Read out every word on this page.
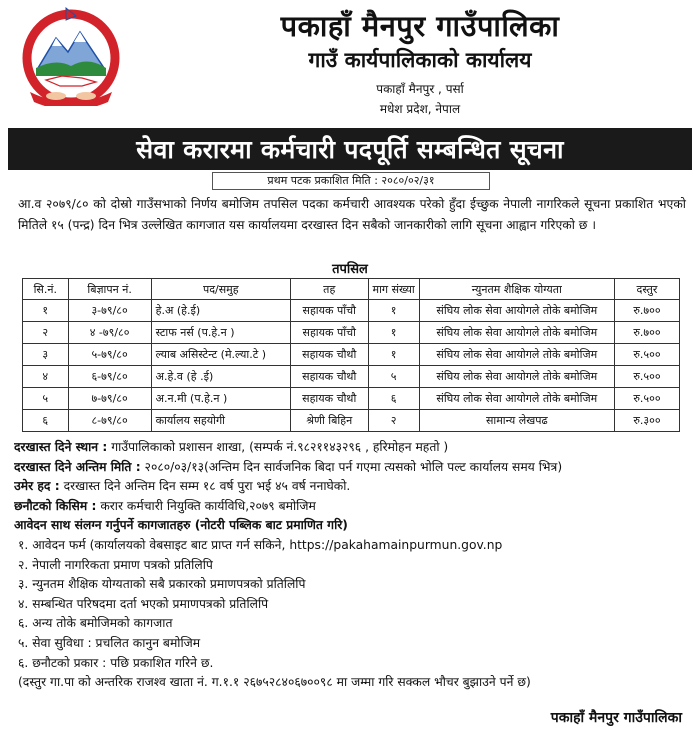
पकाहाँ मैनपुर गाउँपालिका
गाउँ कार्यपालिकाको कार्यालय
पकाहाँ मैनपुर , पर्सा
मधेश प्रदेश, नेपाल
सेवा करारमा कर्मचारी पदपूर्ति सम्बन्धित सूचना
प्रथम पटक प्रकाशित मिति : २०८०/०२/३१
आ.व २०७९/८० को दोस्रो गाउँसभाको निर्णय बमोजिम तपसिल पदका कर्मचारी आवश्यक परेको हुँदा ईच्छुक नेपाली नागरिकले सूचना प्रकाशित भएको मितिले १५ (पन्द्र) दिन भित्र उल्लेखित कागजात यस कार्यालयमा दरखास्त दिन सबैको जानकारीको लागि सूचना आह्वान गरिएको छ ।
तपसिल
सि.नं.	बिज्ञापन नं.	पद/समुह	तह	माग संख्या	न्युनतम शैक्षिक योग्यता	दस्तुर
१	३-७९/८०	हे.अ (हे.ई)	सहायक पाँचौ	१	संघिय लोक सेवा आयोगले तोके बमोजिम	रु.७००
२	४ -७९/८०	स्टाफ नर्स (प.हे.न )	सहायक पाँचौ	१	संघिय लोक सेवा आयोगले तोके बमोजिम	रु.७००
३	५-७९/८०	ल्याब असिस्टेन्ट (मे.ल्या.टे )	सहायक चौथौ	१	संघिय लोक सेवा आयोगले तोके बमोजिम	रु.५००
४	६-७९/८०	अ.हे.व (हे .ई)	सहायक चौथौ	५	संघिय लोक सेवा आयोगले तोके बमोजिम	रु.५००
५	७-७९/८०	अ.न.मी (प.हे.न )	सहायक चौथौ	६	संघिय लोक सेवा आयोगले तोके बमोजिम	रु.५००
६	८-७९/८०	कार्यालय सहयोगी	श्रेणी बिहिन	२	सामान्य लेखपढ	रु.३००
दरखास्त दिने स्थान : गाउँपालिकाको प्रशासन शाखा, (सम्पर्क नं.९८२११४३२९६ , हरिमोहन महतो )
दरखास्त दिने अन्तिम मिति : २०८०/०३/१३(अन्तिम दिन सार्वजनिक बिदा पर्न गएमा त्यसको भोलि पल्ट कार्यालय समय भित्र)
उमेर हद : दरखास्त दिने अन्तिम दिन सम्म १८ वर्ष पुरा भई ४५ वर्ष ननाघेको.
छनौटको किसिम : करार कर्मचारी नियुक्ति कार्यविधि,२०७९ बमोजिम
आवेदन साथ संलग्न गर्नुपर्ने कागजातहरु (नोटरी पब्लिक बाट प्रमाणित गरि)
१. आवेदन फर्म (कार्यालयको वेबसाइट बाट प्राप्त गर्न सकिने, https://pakahamainpurmun.gov.np
२. नेपाली नागरिकता प्रमाण पत्रको प्रतिलिपि
३. न्युनतम शैक्षिक योग्यताको सबै प्रकारको प्रमाणपत्रको प्रतिलिपि
४. सम्बन्धित परिषदमा दर्ता भएको प्रमाणपत्रको प्रतिलिपि
६. अन्य तोके बमोजिमको कागजात
५. सेवा सुविधा : प्रचलित कानुन बमोजिम
६. छनौटको प्रकार : पछि प्रकाशित गरिने छ.
(दस्तुर गा.पा को अन्तरिक राजश्व खाता नं. ग.१.१ २६७५२८४०६७००९८ मा जम्मा गरि सक्कल भौचर बुझाउने पर्ने छ)
पकाहाँ मैनपुर गाउँपालिका
